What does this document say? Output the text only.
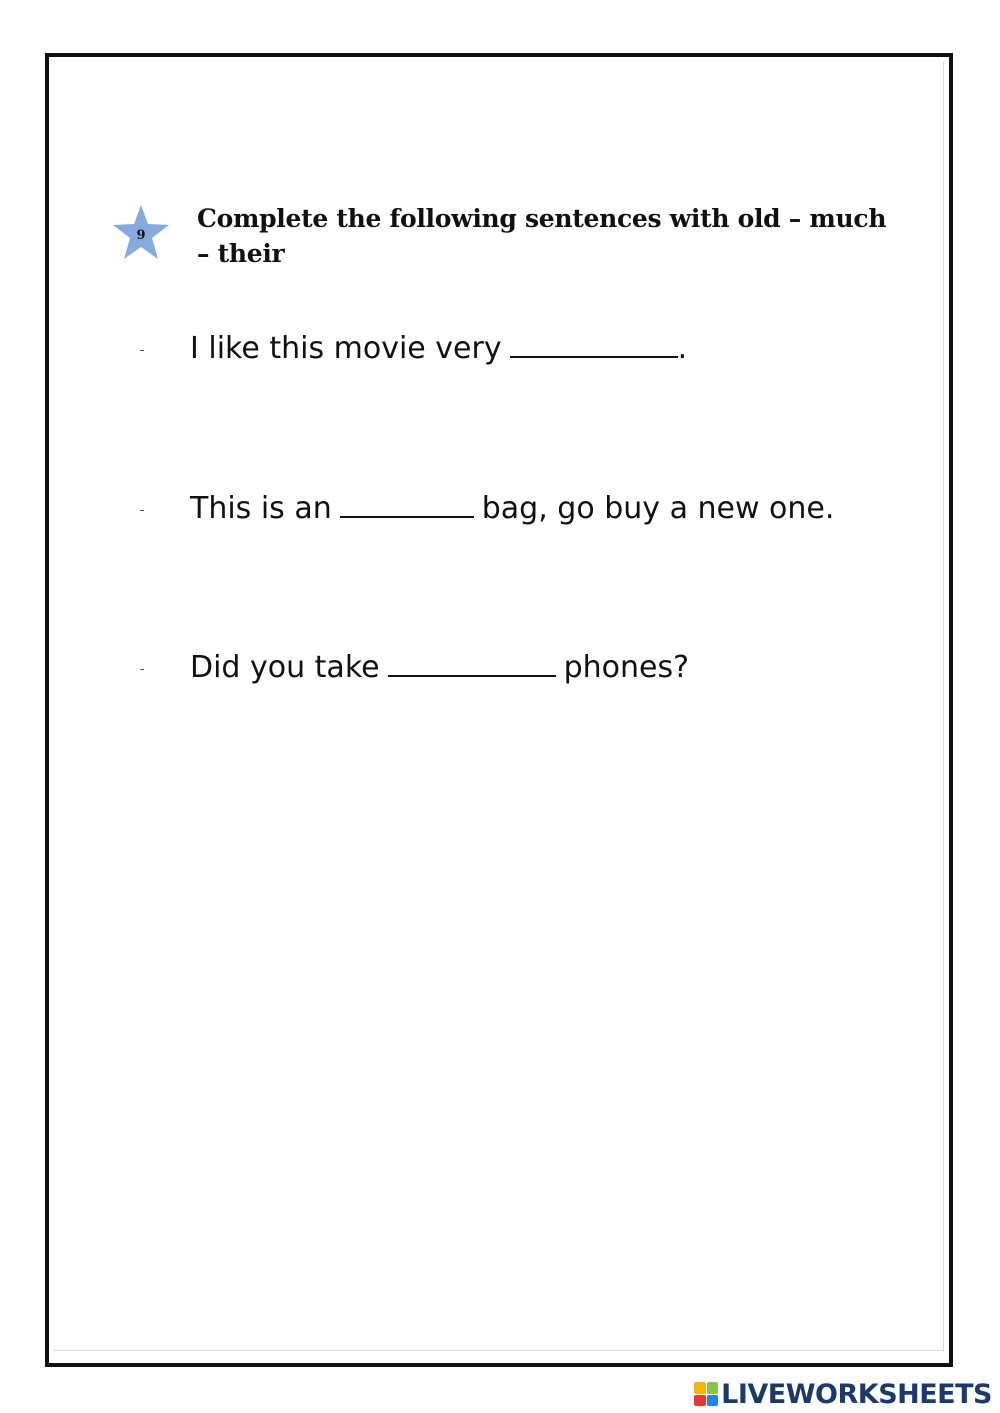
9
Complete the following sentences with old – much – their
- I like this movie very	.
- This is an	bag, go buy a new one.
- Did you take	phones?
LIVEWORKSHEETS
